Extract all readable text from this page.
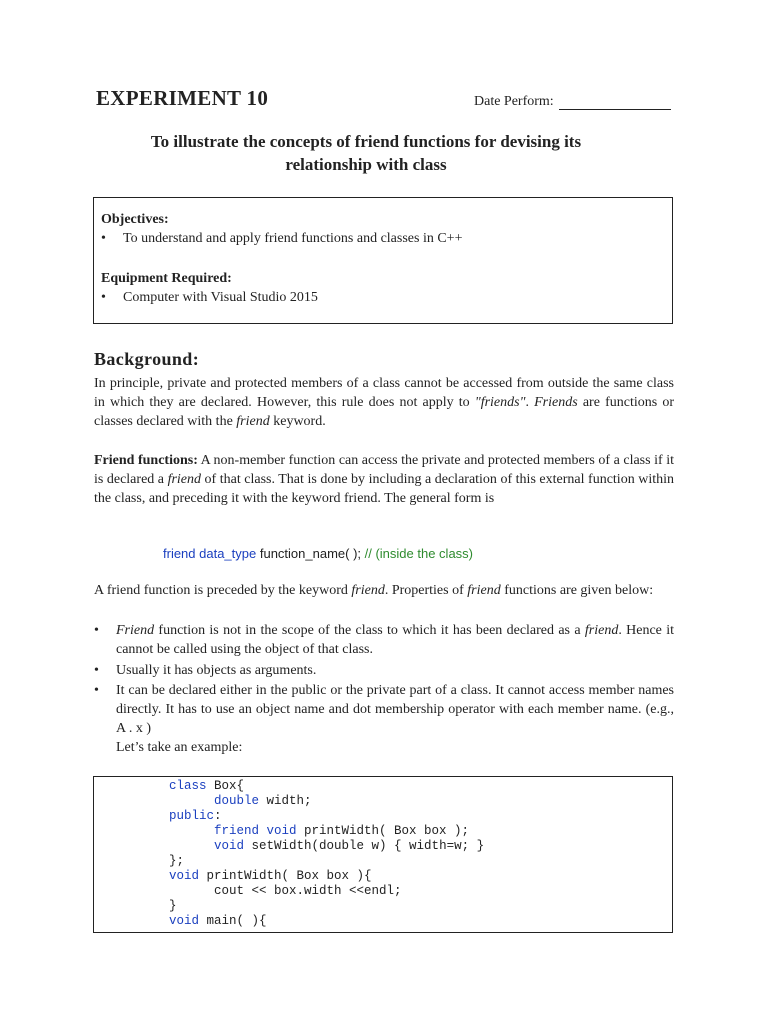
EXPERIMENT 10	Date Perform:
To illustrate the concepts of friend functions for devising its
relationship with class
Objectives:
• To understand and apply friend functions and classes in C++
Equipment Required:
• Computer with Visual Studio 2015
Background:
In principle, private and protected members of a class cannot be accessed from outside the same class in which they are declared. However, this rule does not apply to "friends". Friends are functions or classes declared with the friend keyword.
Friend functions: A non-member function can access the private and protected members of a class if it is declared a friend of that class. That is done by including a declaration of this external function within the class, and preceding it with the keyword friend. The general form is
friend data_type function_name( ); // (inside the class)
A friend function is preceded by the keyword friend. Properties of friend functions are given below:
•	Friend function is not in the scope of the class to which it has been declared as a friend. Hence it cannot be called using the object of that class.
•	Usually it has objects as arguments.
•	It can be declared either in the public or the private part of a class. It cannot access member names directly. It has to use an object name and dot membership operator with each member name. (e.g., A . x )
Let’s take an example:
class Box{
double width;
public:
friend void printWidth( Box box );
void setWidth(double w) { width=w; }
};
void printWidth( Box box ){
cout << box.width <<endl;
}
void main( ){
